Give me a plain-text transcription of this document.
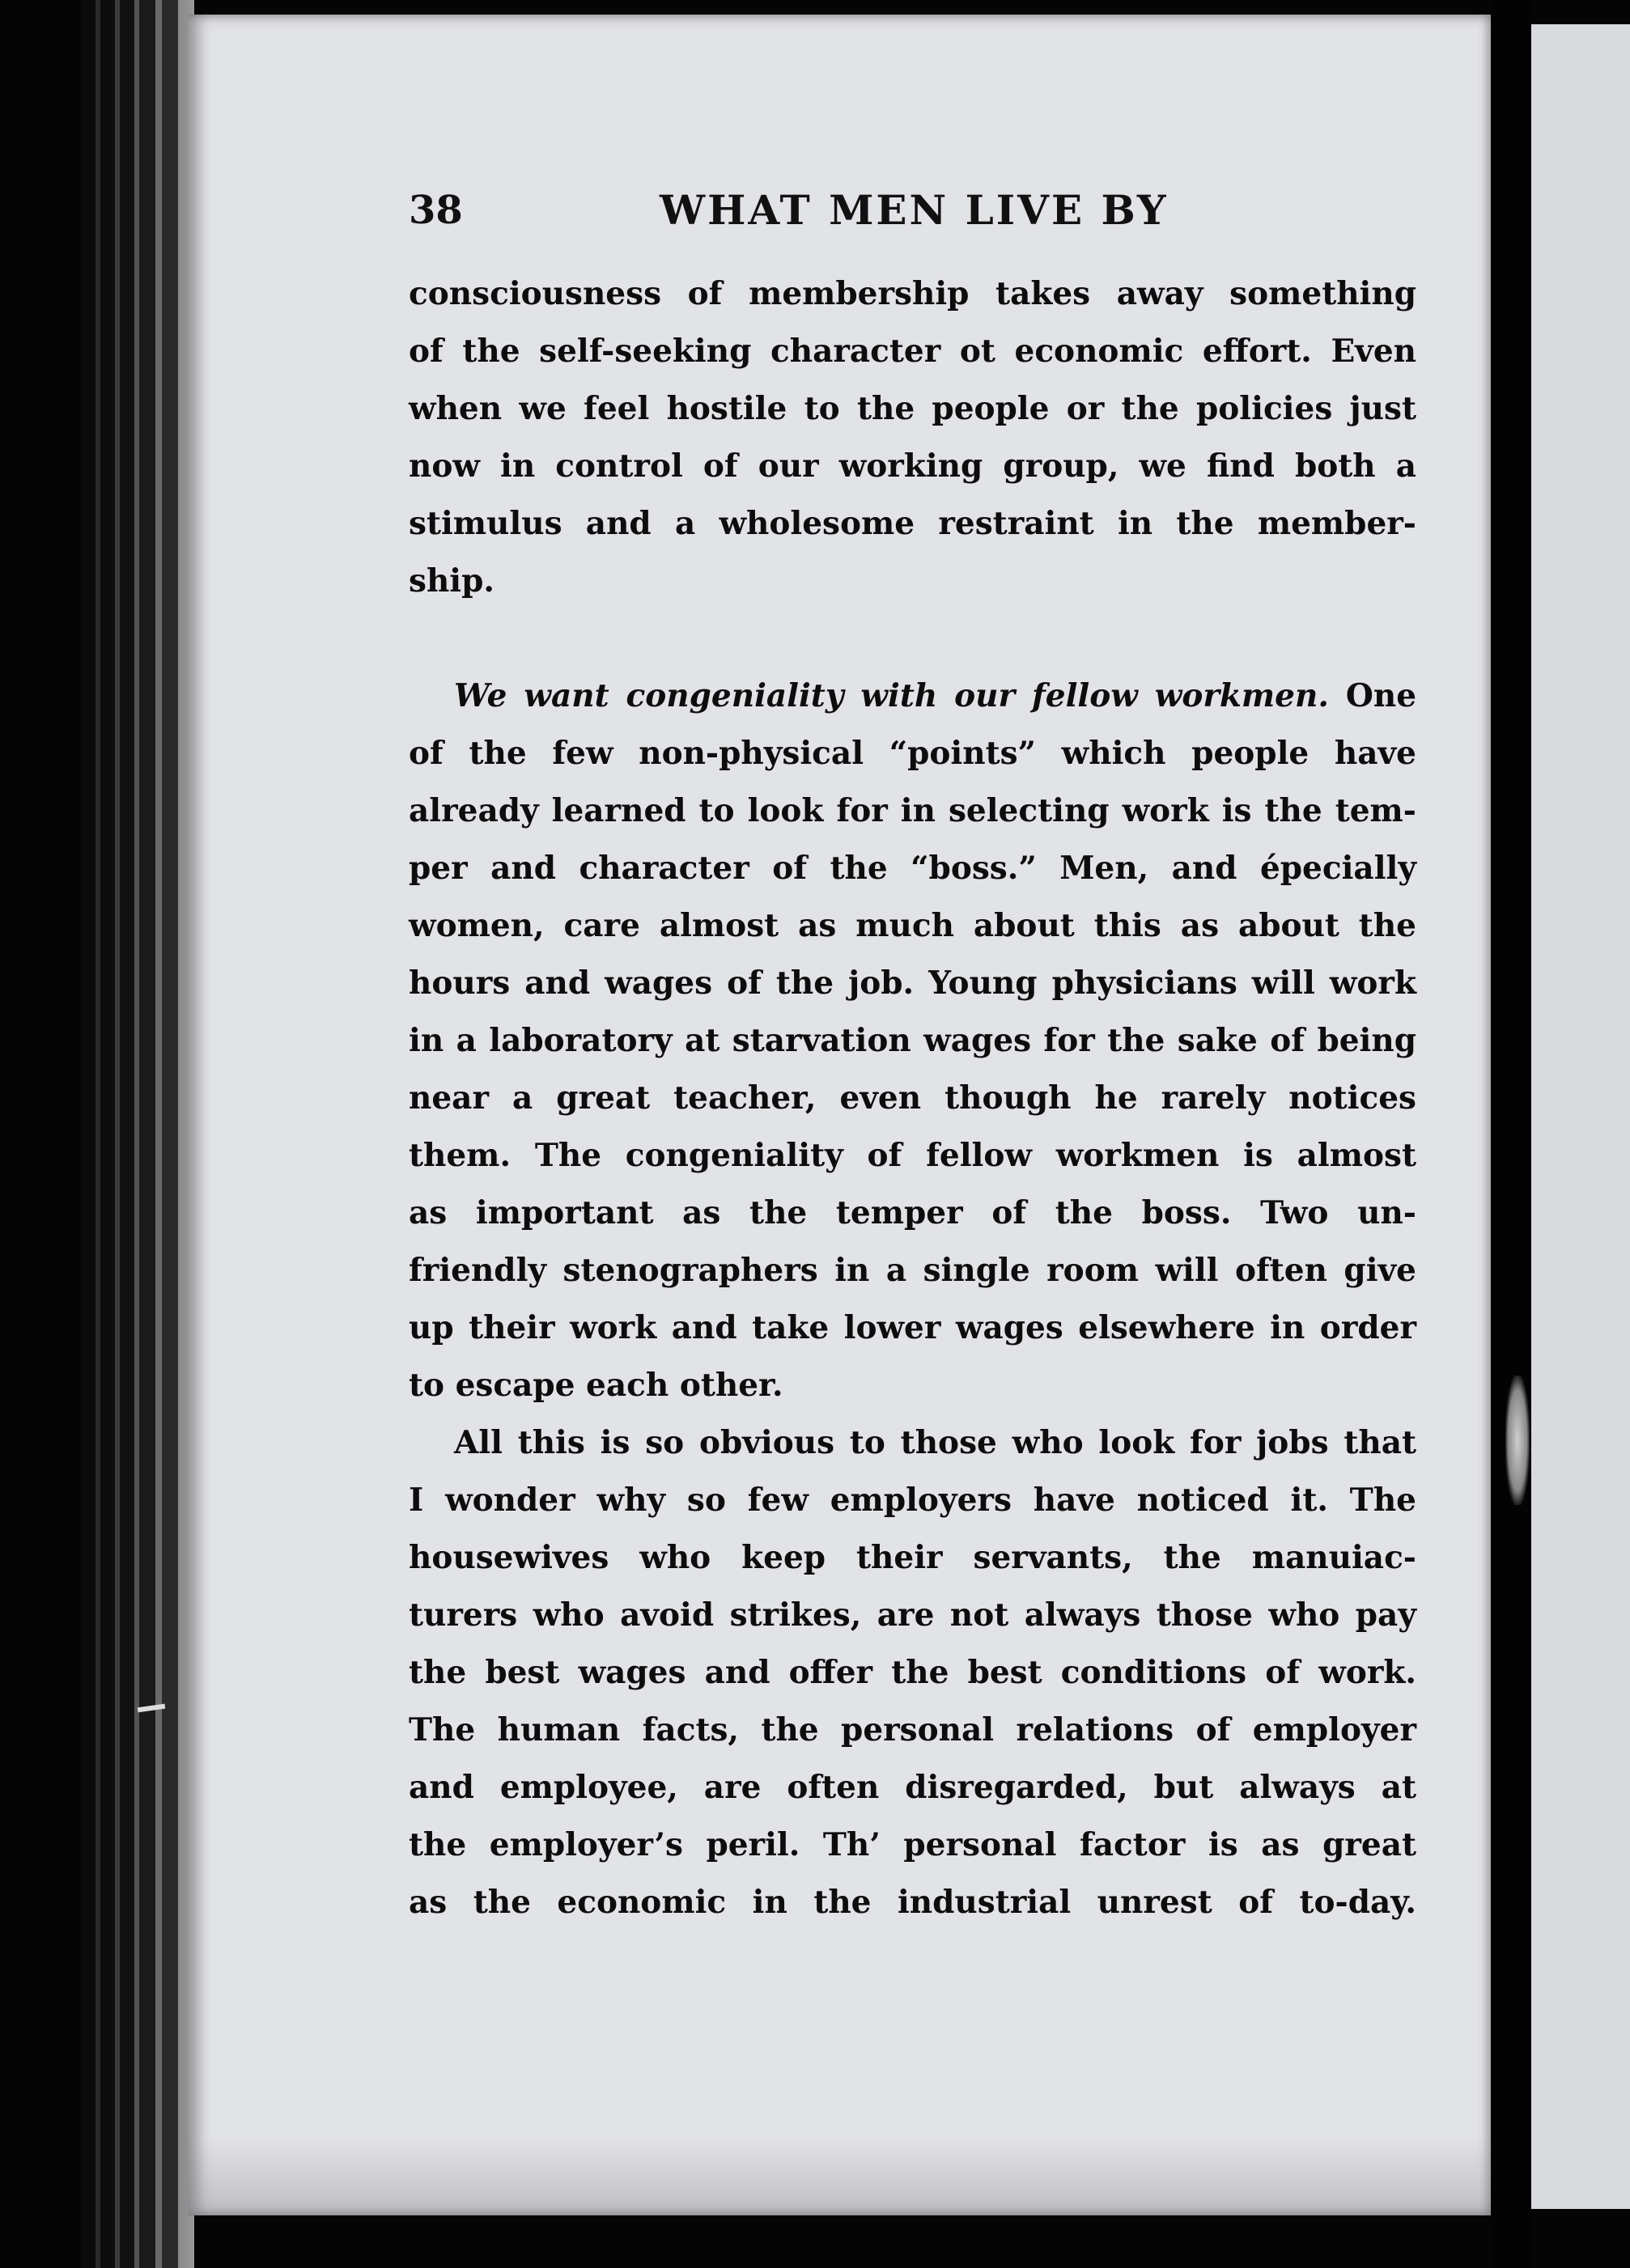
38	WHAT MEN LIVE BY
consciousness of membership takes away something
of the self-seeking character ot economic effort. Even
when we feel hostile to the people or the policies just
now in control of our working group, we find both a
stimulus and a wholesome restraint in the member-
ship.
We want congeniality with our fellow workmen. One
of the few non-physical “points” which people have
already learned to look for in selecting work is the tem-
per and character of the “boss.” Men, and épecially
women, care almost as much about this as about the
hours and wages of the job. Young physicians will work
in a laboratory at starvation wages for the sake of being
near a great teacher, even though he rarely notices
them. The congeniality of fellow workmen is almost
as important as the temper of the boss. Two un-
friendly stenographers in a single room will often give
up their work and take lower wages elsewhere in order
to escape each other.
All this is so obvious to those who look for jobs that
I wonder why so few employers have noticed it. The
housewives who keep their servants, the manuiac-
turers who avoid strikes, are not always those who pay
the best wages and offer the best conditions of work.
The human facts, the personal relations of employer
and employee, are often disregarded, but always at
the employer’s peril. Th’ personal factor is as great
as the economic in the industrial unrest of to-day.
